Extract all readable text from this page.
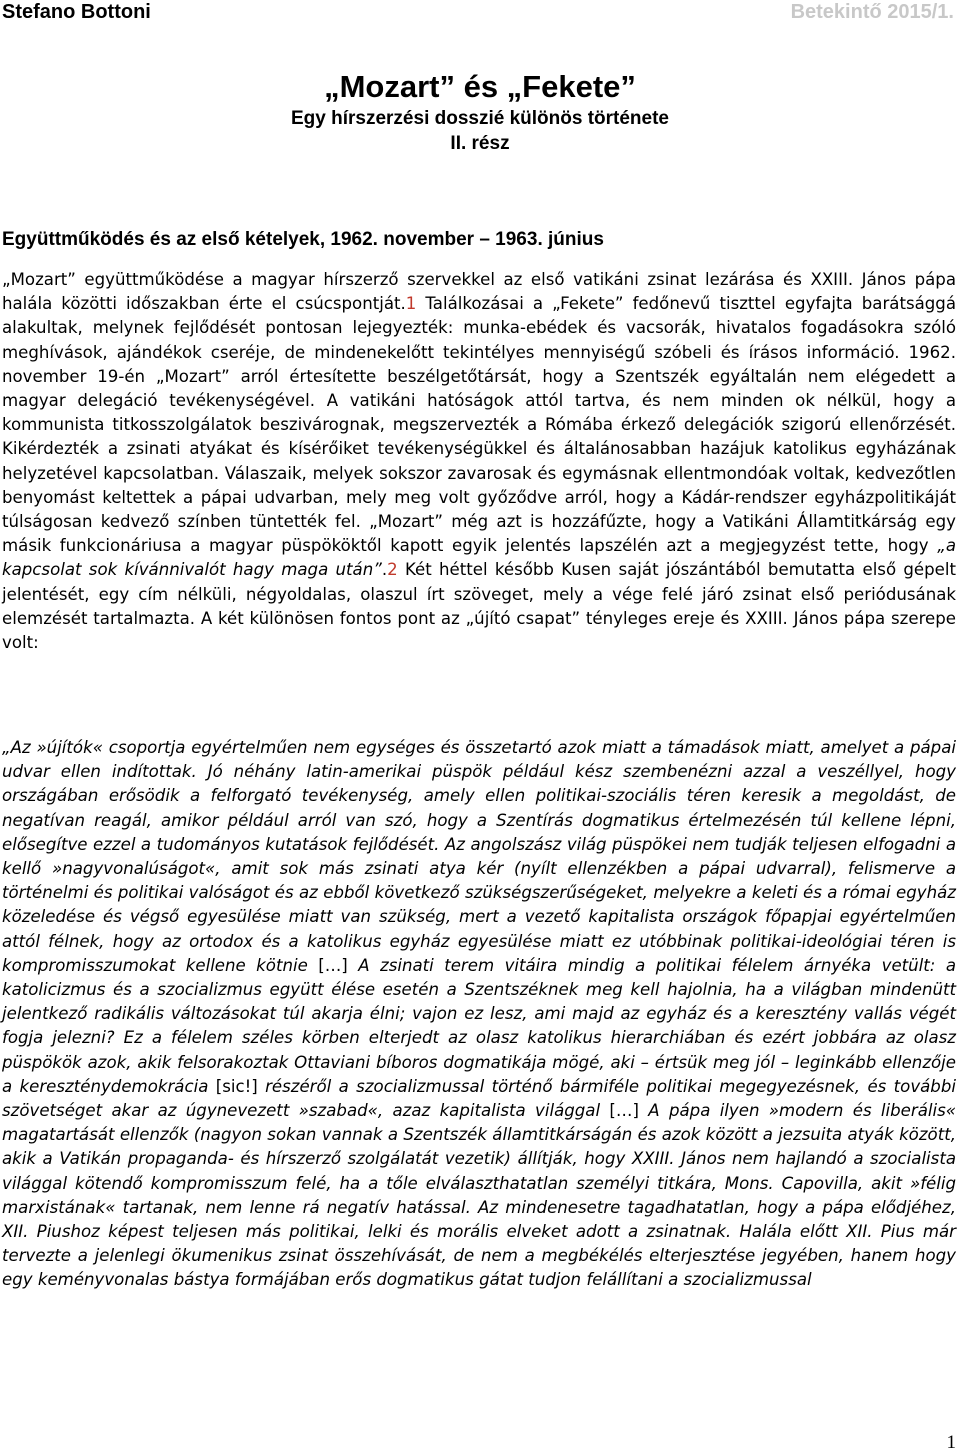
Stefano Bottoni	Betekintő 2015/1.
„Mozart” és „Fekete”
Egy hírszerzési dosszié különös története
II. rész
Együttműködés és az első kételyek, 1962. november – 1963. június

„Mozart” együttműködése a magyar hírszerző szervekkel az első vatikáni zsinat lezárása és XXIII. János pápa halála közötti időszakban érte el csúcspontját.1 Találkozásai a „Fekete” fedőnevű tiszttel egyfajta barátsággá alakultak, melynek fejlődését pontosan lejegyezték: munka-ebédek és vacsorák, hivatalos fogadásokra szóló meghívások, ajándékok cseréje, de mindenekelőtt tekintélyes mennyiségű szóbeli és írásos információ. 1962. november 19-én „Mozart” arról értesítette beszélgetőtársát, hogy a Szentszék egyáltalán nem elégedett a magyar delegáció tevékenységével. A vatikáni hatóságok attól tartva, és nem minden ok nélkül, hogy a kommunista titkosszolgálatok beszivárognak, megszervezték a Rómába érkező delegációk szigorú ellenőrzését. Kikérdezték a zsinati atyákat és kísérőiket tevékenységükkel és általánosabban hazájuk katolikus egyházának helyzetével kapcsolatban. Válaszaik, melyek sokszor zavarosak és egymásnak ellentmondóak voltak, kedvezőtlen benyomást keltettek a pápai udvarban, mely meg volt győződve arról, hogy a Kádár-rendszer egyházpolitikáját túlságosan kedvező színben tüntették fel. „Mozart” még azt is hozzáfűzte, hogy a Vatikáni Államtitkárság egy másik funkcionáriusa a magyar püspököktől kapott egyik jelentés lapszélén azt a megjegyzést tette, hogy „a kapcsolat sok kívánnivalót hagy maga után”.2 Két héttel később Kusen saját jószántából bemutatta első gépelt jelentését, egy cím nélküli, négyoldalas, olaszul írt szöveget, mely a vége felé járó zsinat első periódusának elemzését tartalmazta. A két különösen fontos pont az „újító csapat” tényleges ereje és XXIII. János pápa szerepe volt:

„Az »újítók« csoportja egyértelműen nem egységes és összetartó azok miatt a támadások miatt, amelyet a pápai udvar ellen indítottak. Jó néhány latin-amerikai püspök például kész szembenézni azzal a veszéllyel, hogy országában erősödik a felforgató tevékenység, amely ellen politikai-szociális téren keresik a megoldást, de negatívan reagál, amikor például arról van szó, hogy a Szentírás dogmatikus értelmezésén túl kellene lépni, elősegítve ezzel a tudományos kutatások fejlődését. Az angolszász világ püspökei nem tudják teljesen elfogadni a kellő »nagyvonalúságot«, amit sok más zsinati atya kér (nyílt ellenzékben a pápai udvarral), felismerve a történelmi és politikai valóságot és az ebből következő szükségszerűségeket, melyekre a keleti és a római egyház közeledése és végső egyesülése miatt van szükség, mert a vezető kapitalista országok főpapjai egyértelműen attól félnek, hogy az ortodox és a katolikus egyház egyesülése miatt ez utóbbinak politikai-ideológiai téren is kompromisszumokat kellene kötnie […] A zsinati terem vitáira mindig a politikai félelem árnyéka vetült: a katolicizmus és a szocializmus együtt élése esetén a Szentszéknek meg kell hajolnia, ha a világban mindenütt jelentkező radikális változásokat túl akarja élni; vajon ez lesz, ami majd az egyház és a keresztény vallás végét fogja jelezni? Ez a félelem széles körben elterjedt az olasz katolikus hierarchiában és ezért jobbára az olasz püspökök azok, akik felsorakoztak Ottaviani bíboros dogmatikája mögé, aki – értsük meg jól – leginkább ellenzője a kereszténydemokrácia [sic!] részéről a szocializmussal történő bármiféle politikai megegyezésnek, és további szövetséget akar az úgynevezett »szabad«, azaz kapitalista világgal […] A pápa ilyen »modern és liberális« magatartását ellenzők (nagyon sokan vannak a Szentszék államtitkárságán és azok között a jezsuita atyák között, akik a Vatikán propaganda- és hírszerző szolgálatát vezetik) állítják, hogy XXIII. János nem hajlandó a szocialista világgal kötendő kompromisszum felé, ha a tőle elválaszthatatlan személyi titkára, Mons. Capovilla, akit »félig marxistának« tartanak, nem lenne rá negatív hatással. Az mindenesetre tagadhatatlan, hogy a pápa elődjéhez, XII. Piushoz képest teljesen más politikai, lelki és morális elveket adott a zsinatnak. Halála előtt XII. Pius már tervezte a jelenlegi ökumenikus zsinat összehívását, de nem a megbékélés elterjesztése jegyében, hanem hogy egy keményvonalas bástya formájában erős dogmatikus gátat tudjon felállítani a szocializmussal

1
